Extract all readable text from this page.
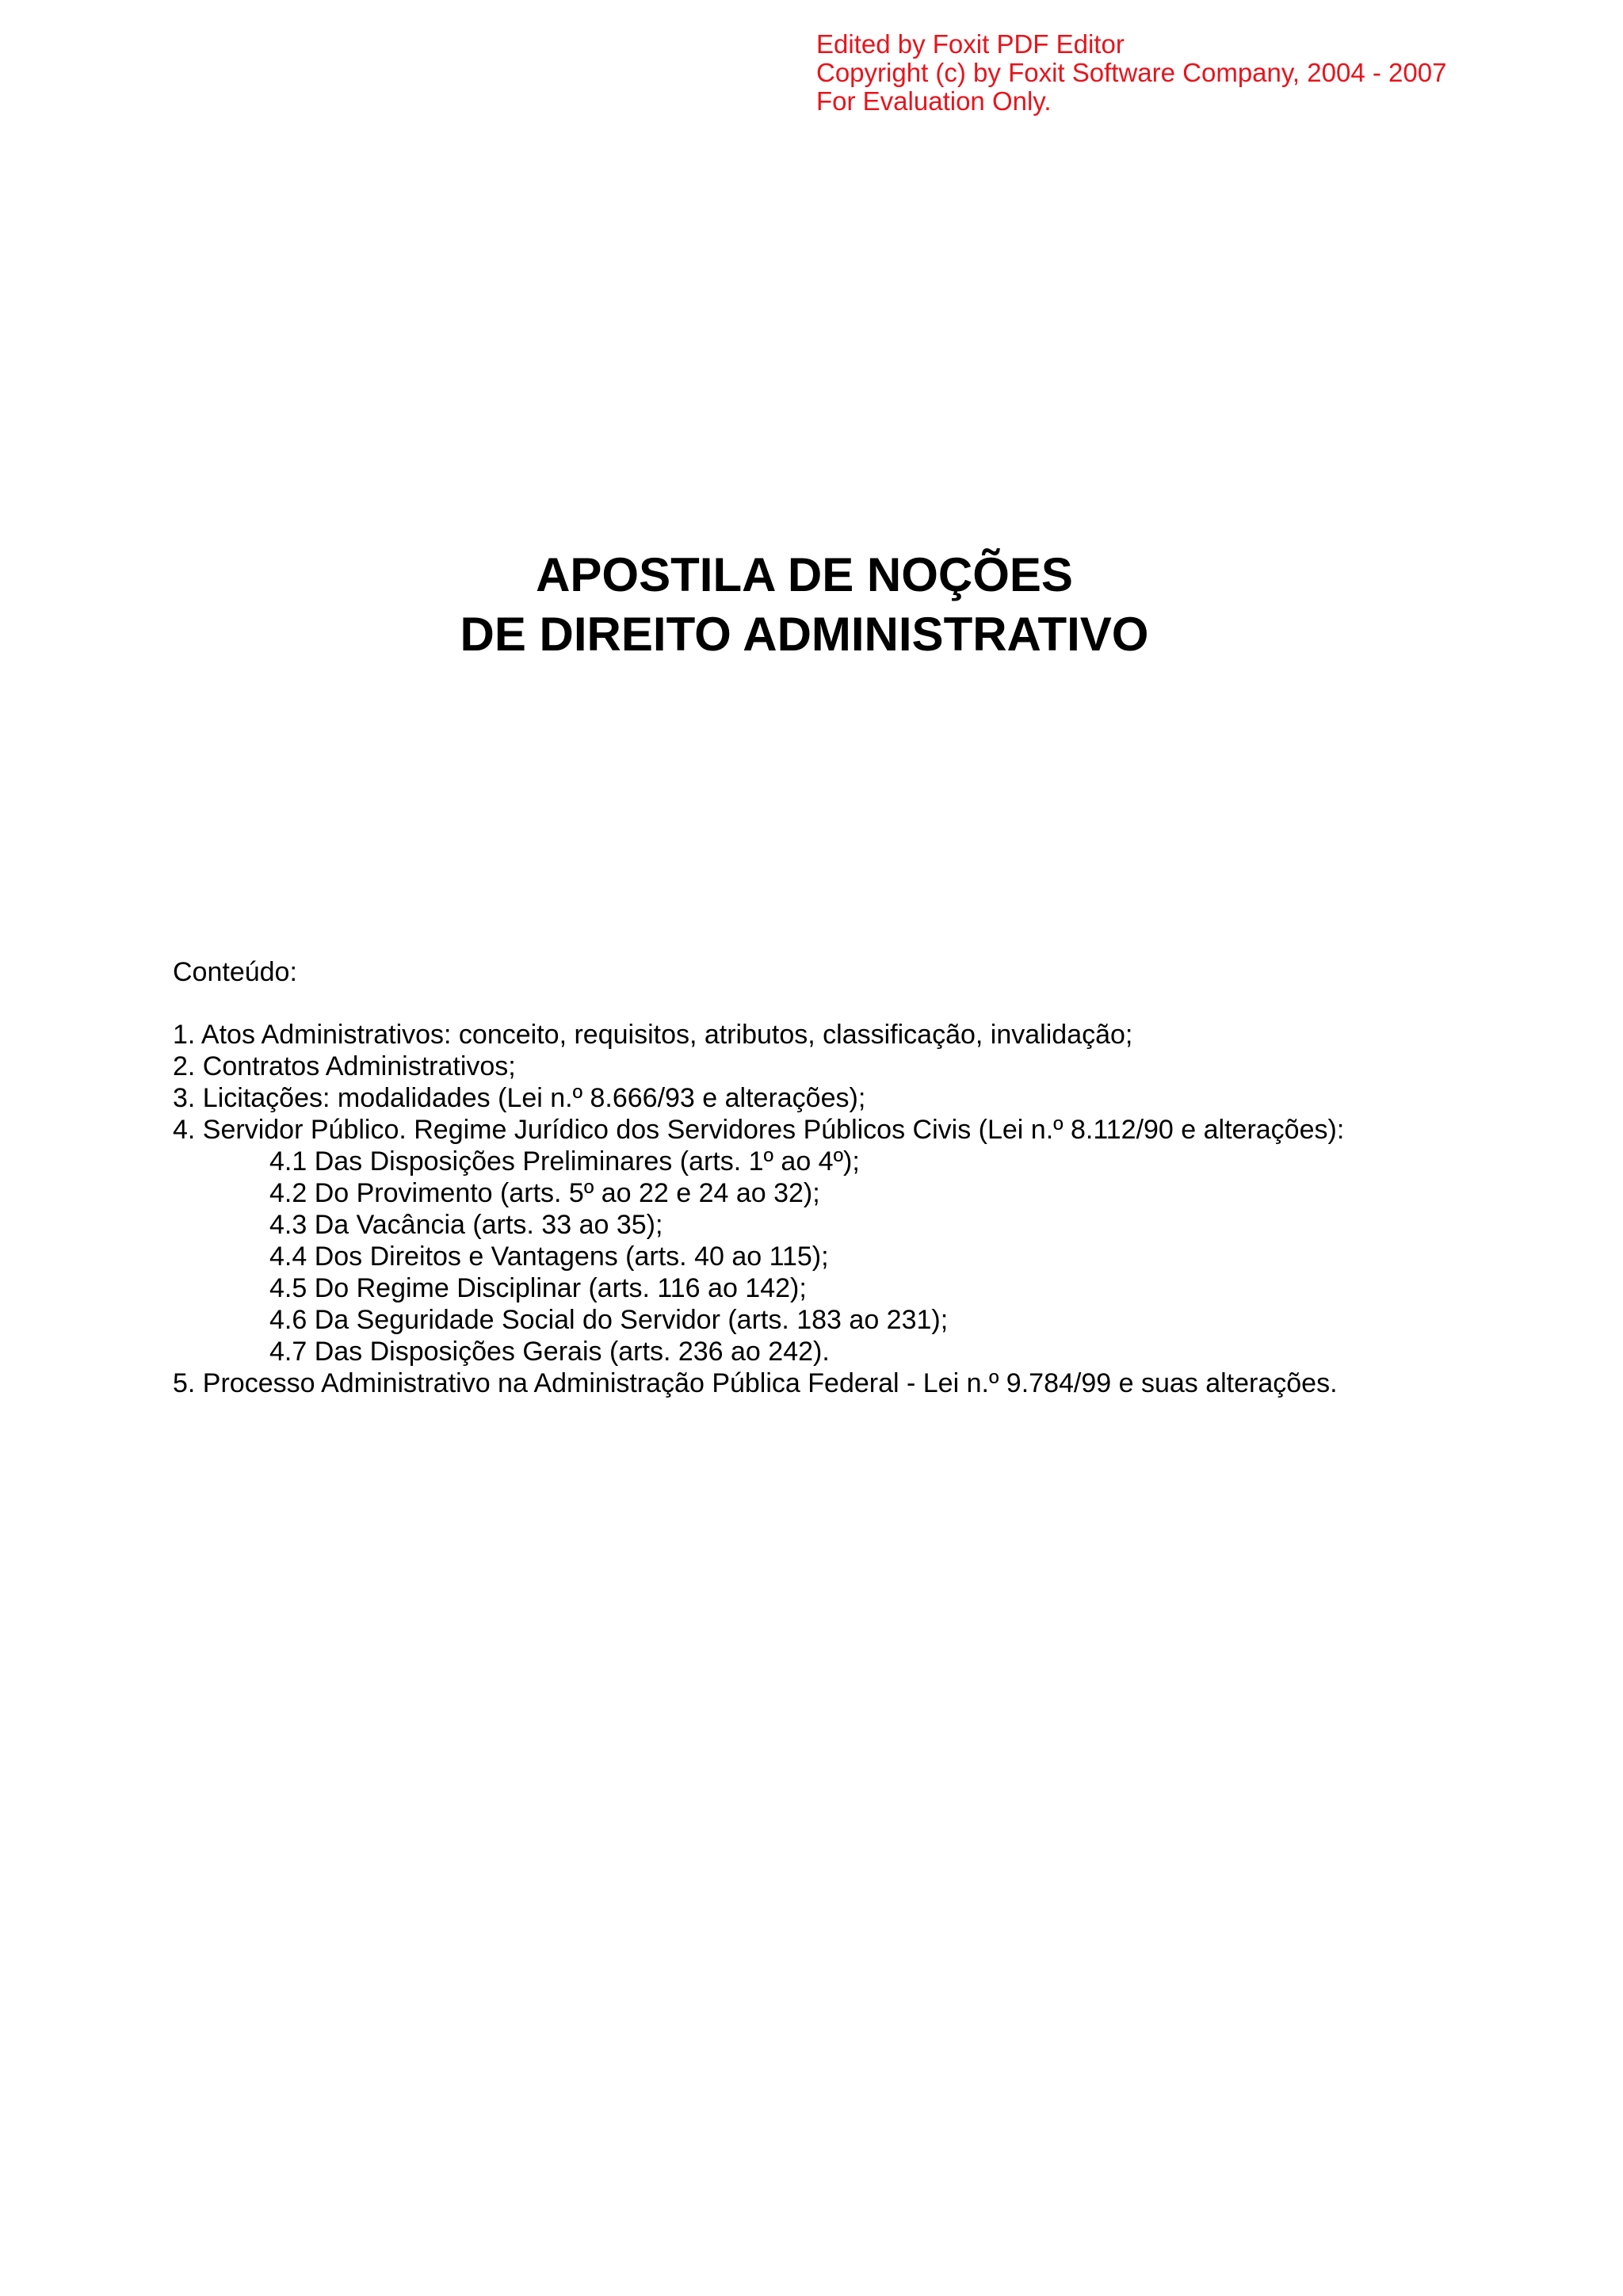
Edited by Foxit PDF Editor
Copyright (c) by Foxit Software Company, 2004 - 2007
For Evaluation Only.
APOSTILA DE NOÇÕES
DE DIREITO ADMINISTRATIVO
Conteúdo:
1. Atos Administrativos: conceito, requisitos, atributos, classificação, invalidação;
2. Contratos Administrativos;
3. Licitações: modalidades (Lei n.º 8.666/93 e alterações);
4. Servidor Público. Regime Jurídico dos Servidores Públicos Civis (Lei n.º 8.112/90 e alterações):
4.1 Das Disposições Preliminares (arts. 1º ao 4º);
4.2 Do Provimento (arts. 5º ao 22 e 24 ao 32);
4.3 Da Vacância (arts. 33 ao 35);
4.4 Dos Direitos e Vantagens (arts. 40 ao 115);
4.5 Do Regime Disciplinar (arts. 116 ao 142);
4.6 Da Seguridade Social do Servidor (arts. 183 ao 231);
4.7 Das Disposições Gerais (arts. 236 ao 242).
5. Processo Administrativo na Administração Pública Federal - Lei n.º 9.784/99 e suas alterações.
